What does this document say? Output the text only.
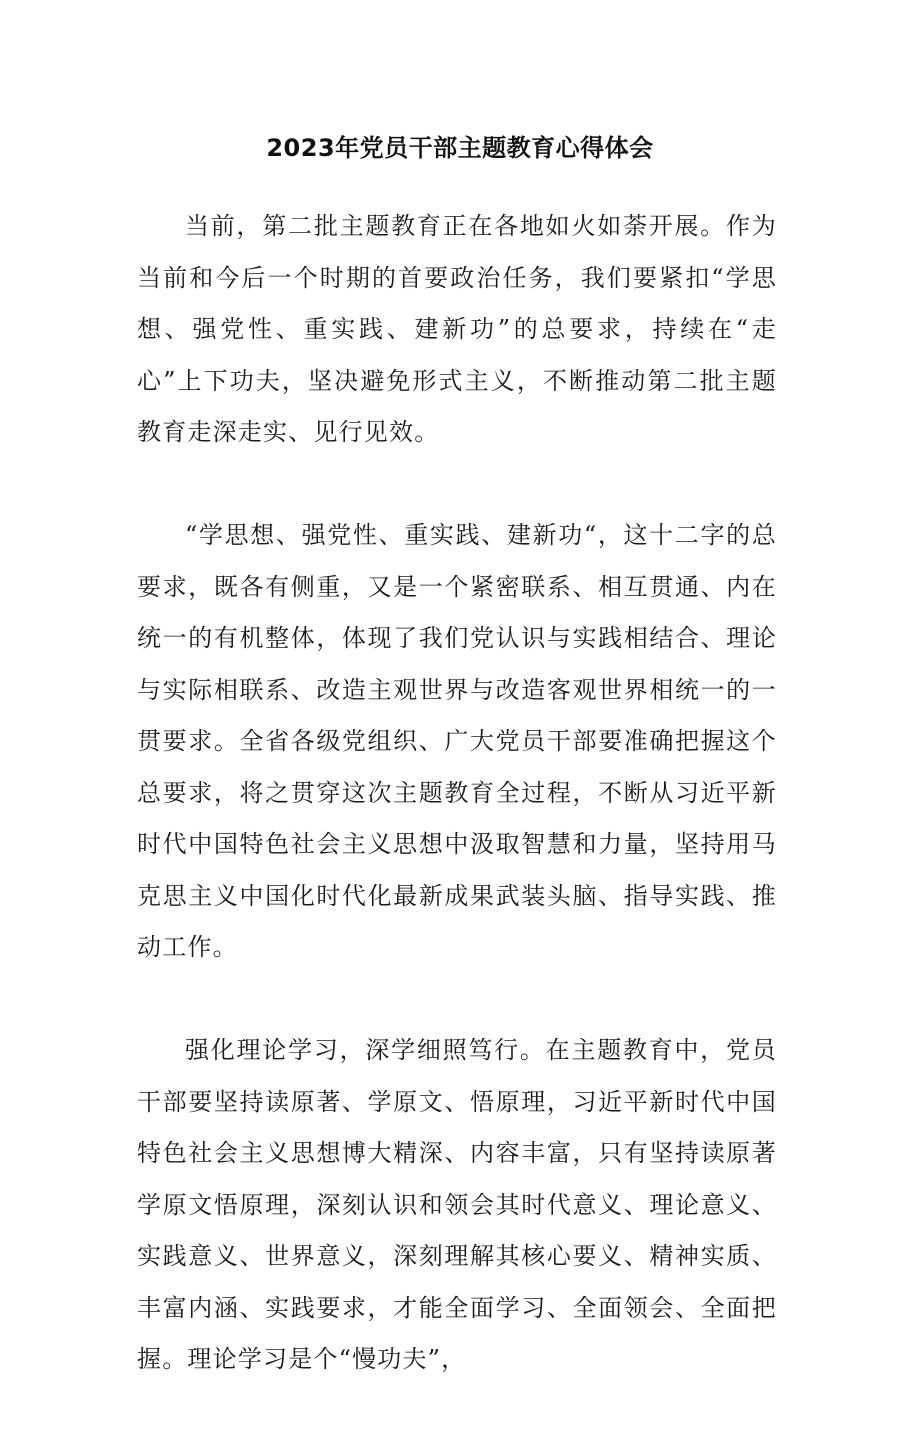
2023年党员干部主题教育心得体会

当前，第二批主题教育正在各地如火如荼开展。作为当前和今后一个时期的首要政治任务，我们要紧扣“学思想、强党性、重实践、建新功”的总要求，持续在“走心”上下功夫，坚决避免形式主义，不断推动第二批主题教育走深走实、见行见效。

“学思想、强党性、重实践、建新功“，这十二字的总要求，既各有侧重，又是一个紧密联系、相互贯通、内在统一的有机整体，体现了我们党认识与实践相结合、理论与实际相联系、改造主观世界与改造客观世界相统一的一贯要求。全省各级党组织、广大党员干部要准确把握这个总要求，将之贯穿这次主题教育全过程，不断从习近平新时代中国特色社会主义思想中汲取智慧和力量，坚持用马克思主义中国化时代化最新成果武装头脑、指导实践、推动工作。

强化理论学习，深学细照笃行。在主题教育中，党员干部要坚持读原著、学原文、悟原理，习近平新时代中国特色社会主义思想博大精深、内容丰富，只有坚持读原著学原文悟原理，深刻认识和领会其时代意义、理论意义、实践意义、世界意义，深刻理解其核心要义、精神实质、丰富内涵、实践要求，才能全面学习、全面领会、全面把握。理论学习是个“慢功夫”，
